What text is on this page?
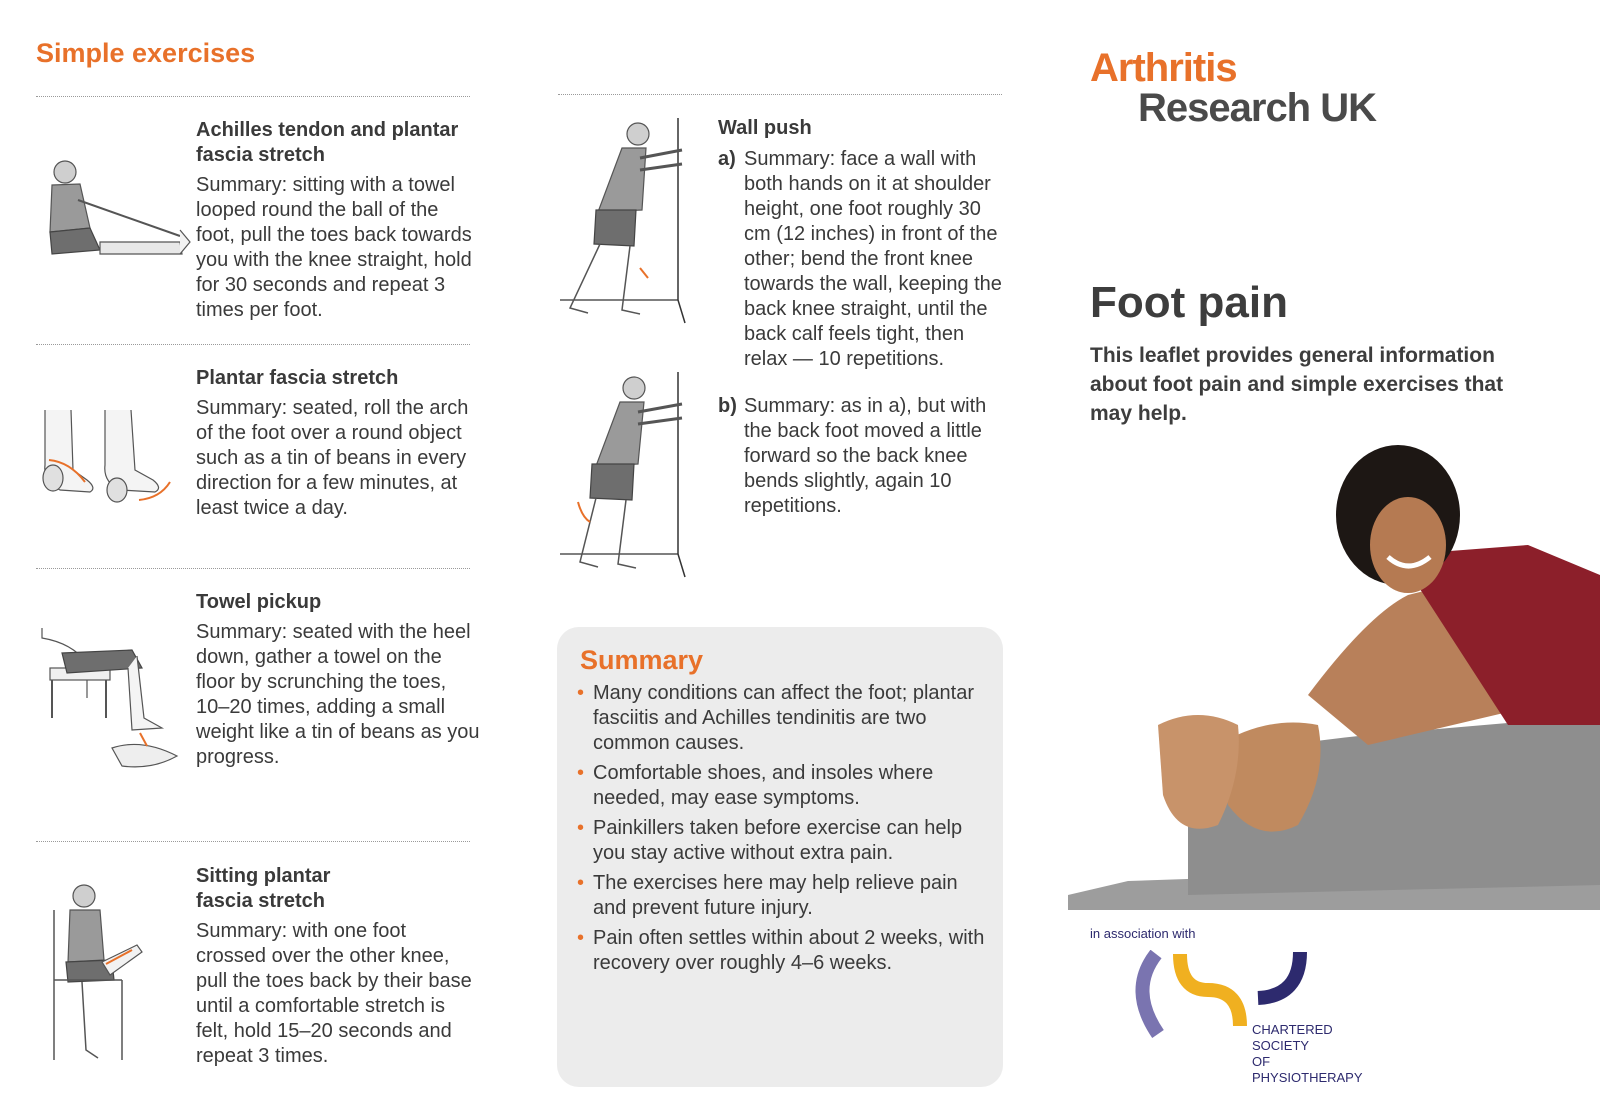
Simple exercises
Achilles tendon and plantar
fascia stretch
Summary: sitting with a towel looped round the ball of the foot, pull the toes back towards you with the knee straight, hold for 30 seconds and repeat 3 times per foot.
Plantar fascia stretch
Summary: seated, roll the arch of the foot over a round object such as a tin of beans in every direction for a few minutes, at least twice a day.
Towel pickup
Summary: seated with the heel down, gather a towel on the floor by scrunching the toes, 10–20 times, adding a small weight like a tin of beans as you progress.
Sitting plantar
fascia stretch
Summary: with one foot crossed over the other knee, pull the toes back by their base until a comfortable stretch is felt, hold 15–20 seconds and repeat 3 times.
Wall push
a) Summary: face a wall with both hands on it at shoulder height, one foot roughly 30 cm (12 inches) in front of the other; bend the front knee towards the wall, keeping the back knee straight, until the back calf feels tight, then relax — 10 repetitions.
b) Summary: as in a), but with the back foot moved a little forward so the back knee bends slightly, again 10 repetitions.
Summary
• Many conditions can affect the foot; plantar fasciitis and Achilles tendinitis are two common causes.
• Comfortable shoes, and insoles where needed, may ease symptoms.
• Painkillers taken before exercise can help you stay active without extra pain.
• The exercises here may help relieve pain and prevent future injury.
• Pain often settles within about 2 weeks, with recovery over roughly 4–6 weeks.
Arthritis
Research UK
Foot pain
This leaflet provides general information about foot pain and simple exercises that may help.
in association with
CHARTERED
SOCIETY
OF
PHYSIOTHERAPY
